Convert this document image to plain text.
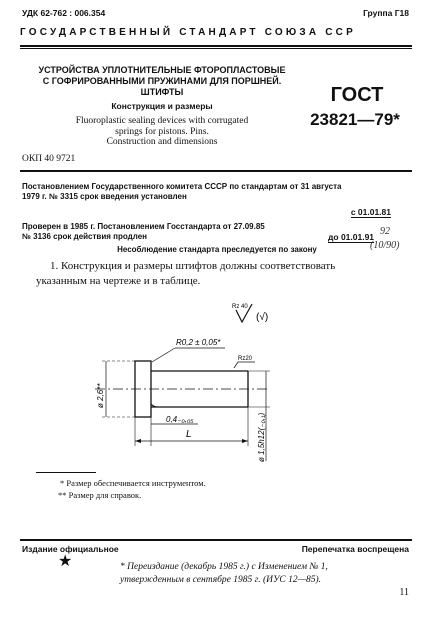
УДК 62-762 : 006.354	Группа Г18
ГОСУДАРСТВЕННЫЙ СТАНДАРТ СОЮЗА ССР
УСТРОЙСТВА УПЛОТНИТЕЛЬНЫЕ ФТОРОПЛАСТОВЫЕ
С ГОФРИРОВАННЫМИ ПРУЖИНАМИ ДЛЯ ПОРШНЕЙ.
ШТИФТЫ
Конструкция и размеры
Fluoroplastic sealing devices with corrugated
springs for pistons. Pins.
Construction and dimensions
ГОСТ
23821—79*
ОКП 40 9721
Постановлением Государственного комитета СССР по стандартам от 31 августа
1979 г. № 3315 срок введения установлен
с 01.01.81
Проверен в 1985 г. Постановлением Госстандарта от 27.09.85
№ 3136 срок действия продлен	до 01.01.91 92
(10/90)
Несоблюдение стандарта преследуется по закону
1. Конструкция и размеры штифтов должны соответствовать
указанным на чертеже и в таблице.
Rz 40
(√)
ø 2,6**
R0,2 ± 0,05*
Rz20
ø 1,5h12(₋₀,₁)
0,4₋₀,₀₅
L
* Размер обеспечивается инструментом.
** Размер для справок.
Издание официальное	Перепечатка воспрещена
★	* Переиздание (декабрь 1985 г.) с Изменением № 1,
утвержденным в сентябре 1985 г. (ИУС 12—85).
11
